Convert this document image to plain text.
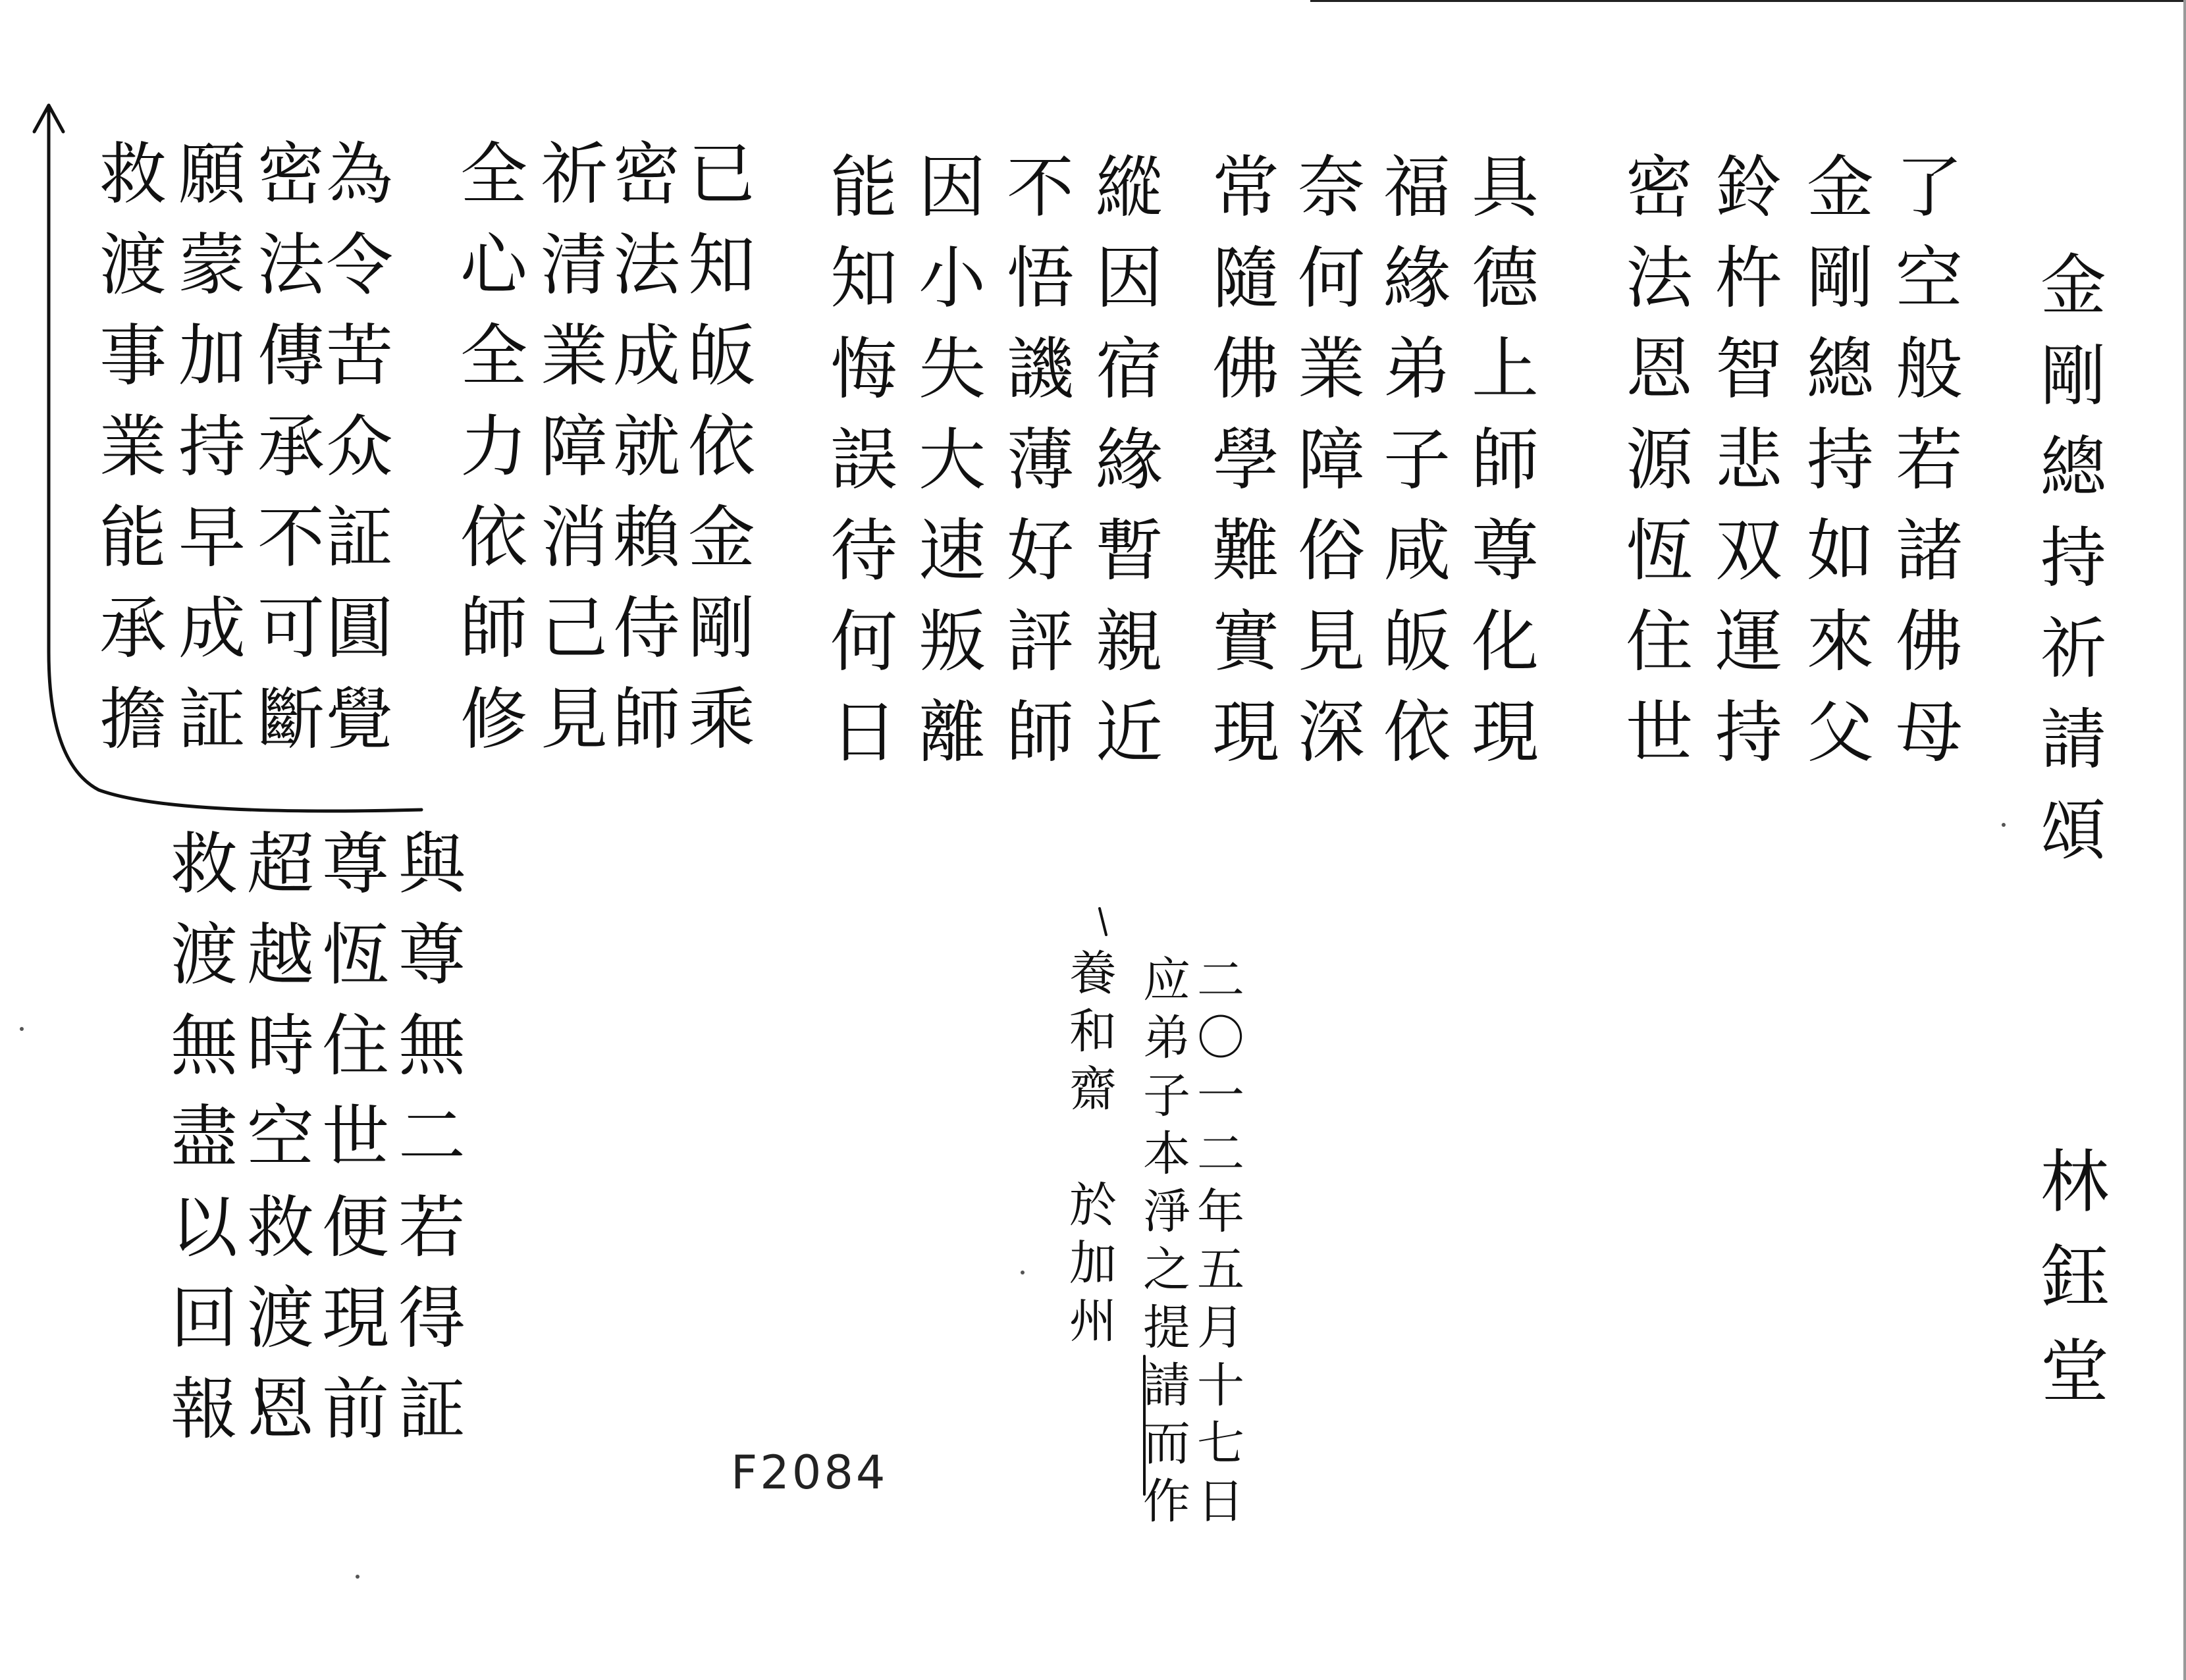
金剛總持祈請頌
了空般若諸佛母
金剛總持如來父
鈴杵智悲双運持
密法恩源恆住世
具德上師尊化現
福緣弟子咸皈依
奈何業障俗見深
常隨佛學難實現
縱因宿緣暫親近
不悟譏薄好評師
因小失大速叛離
能知悔誤待何日
已知皈依金剛乘
密法成就賴侍師
祈清業障消己見
全心全力依師修
為令苦众証圓覺
密法傳承不可斷
願蒙加持早成証
救渡事業能承擔
與尊無二若得証
尊恆住世便現前
超越時空救渡恩
救渡無盡以回報	二〇一二年五月十七日
应弟子本淨之提請而作
養和齋　於加州	林鈺堂
F2084
